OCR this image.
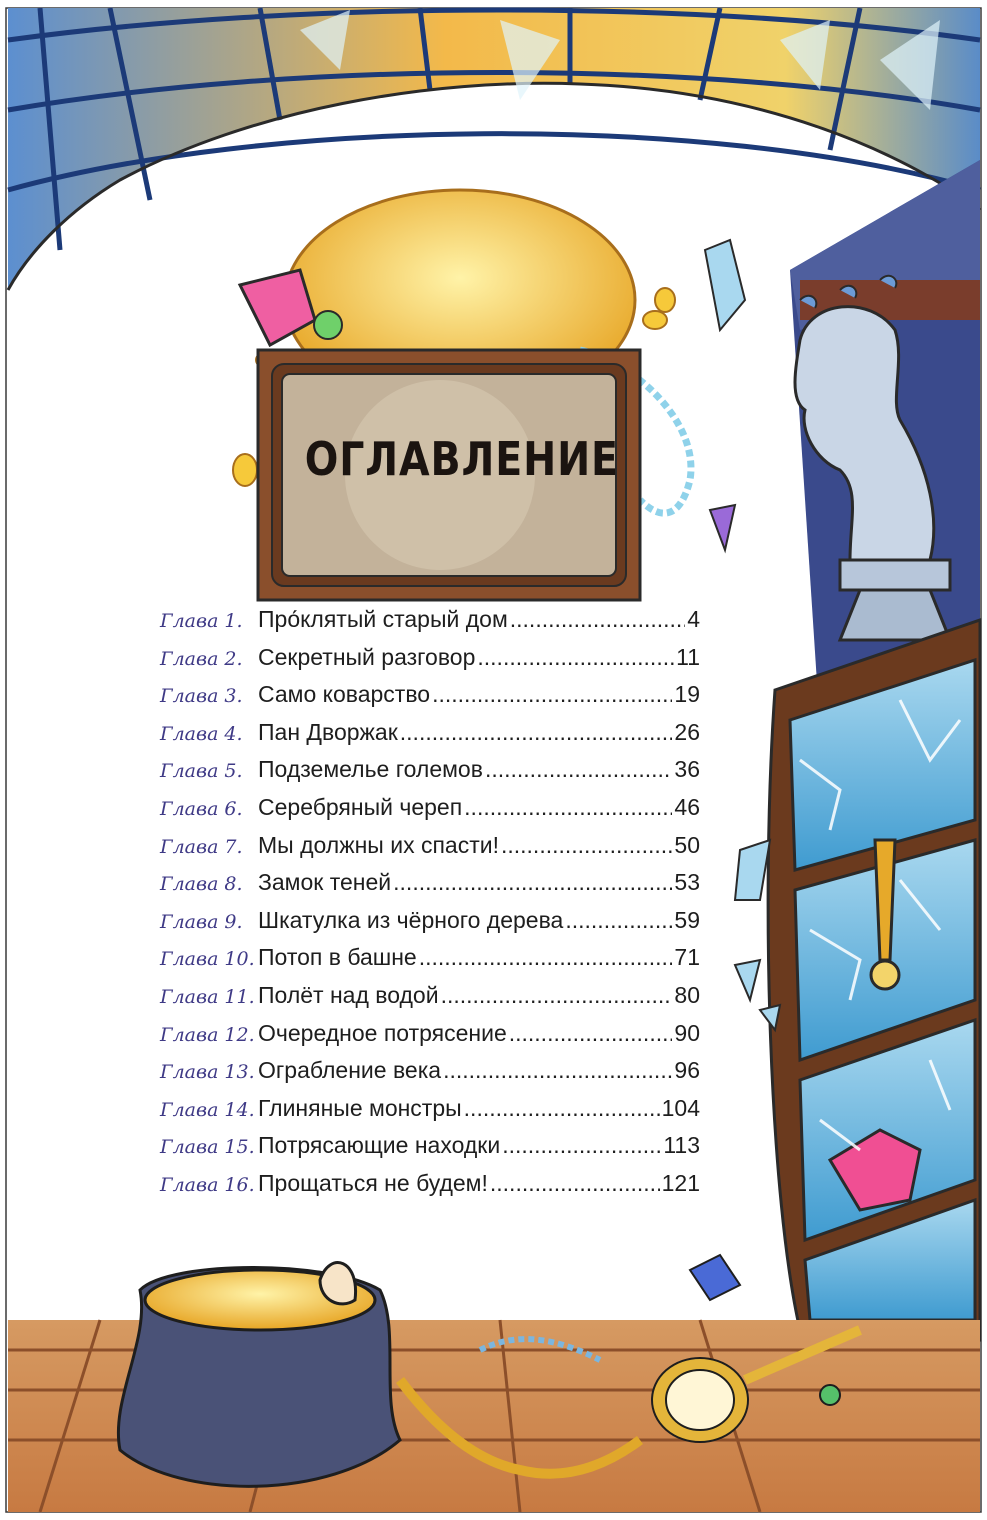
ОГЛАВЛЕНИЕ
Глава 1. Про́клятый старый дом .....	4
Глава 2. Секретный разговор .....	11
Глава 3. Само коварство .....	19
Глава 4. Пан Дворжак .....	26
Глава 5. Подземелье големов .....	36
Глава 6. Серебряный череп .....	46
Глава 7. Мы должны их спасти! .....	50
Глава 8. Замок теней .....	53
Глава 9. Шкатулка из чёрного дерева .....	59
Глава 10. Потоп в башне .....	71
Глава 11. Полёт над водой .....	80
Глава 12. Очередное потрясение .....	90
Глава 13. Ограбление века .....	96
Глава 14. Глиняные монстры .....	104
Глава 15. Потрясающие находки .....	113
Глава 16. Прощаться не будем! .....	121
